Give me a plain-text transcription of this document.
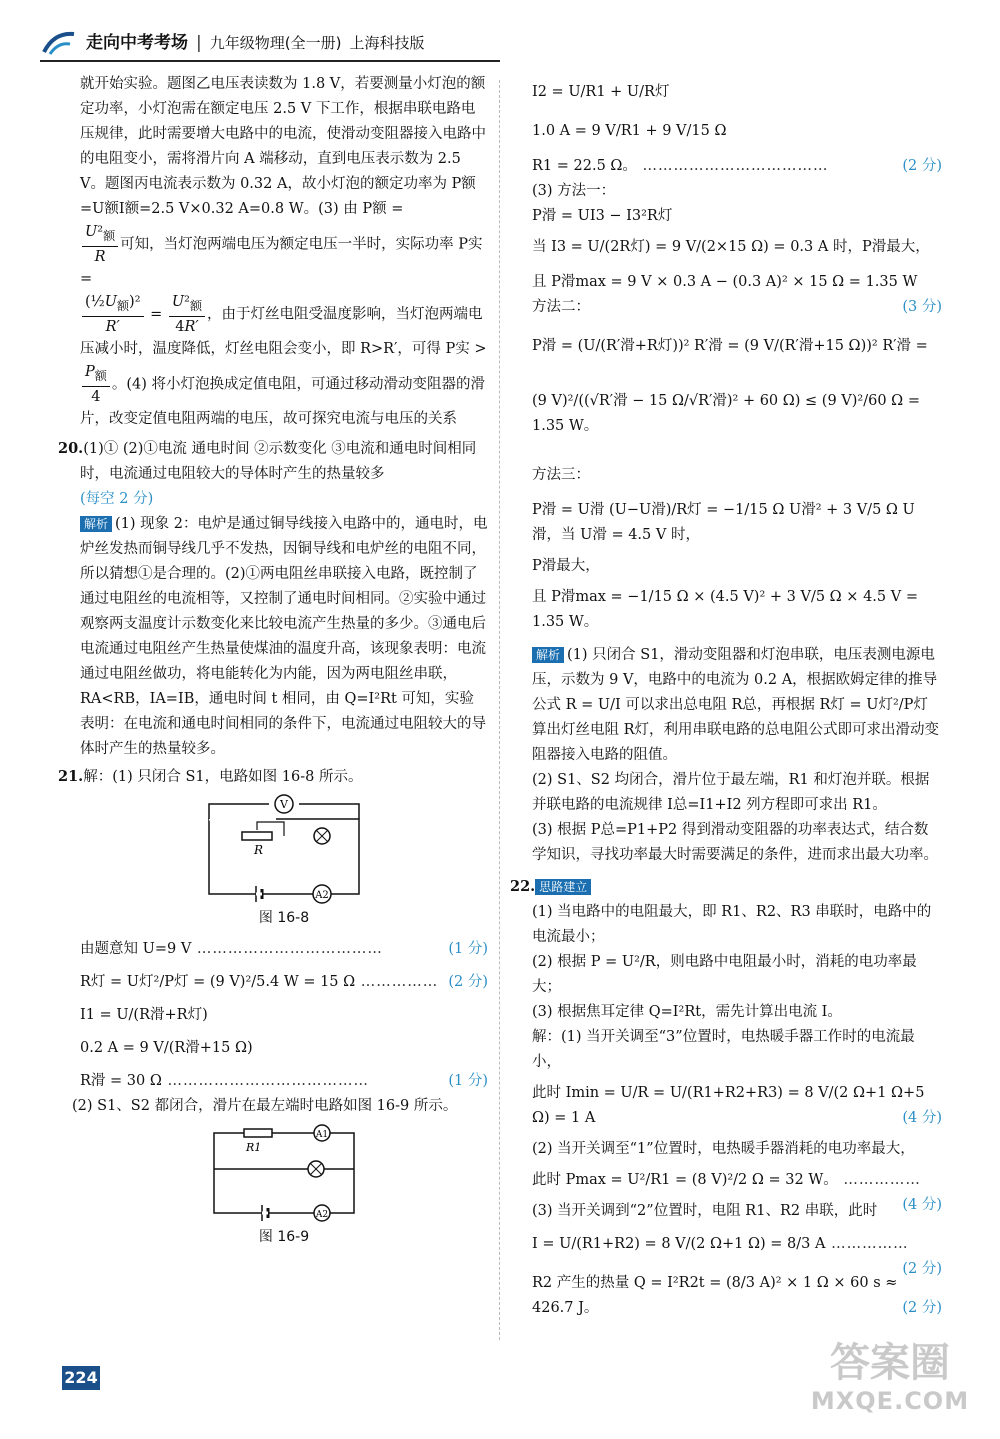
走向中考考场 | 九年级物理(全一册) 上海科技版

就开始实验。题图乙电压表读数为 1.8 V，若要测量小灯泡的额定功率，小灯泡需在额定电压 2.5 V 下工作，根据串联电路电压规律，此时需要增大电路中的电流，使滑动变阻器接入电路中的电阻变小，需将滑片向 A 端移动，直到电压表示数为 2.5 V。题图丙电流表示数为 0.32 A，故小灯泡的额定功率为 P额=U额I额=2.5 V×0.32 A=0.8 W。(3) 由 P额 =

$\frac{U^2_额}{R}$ 可知，当灯泡两端电压为额定电压一半时，实际功率 P实 =

$\frac{(\frac{1}{2}U_额)^2}{R'} = \frac{U^2_额}{4R'}$ ，由于灯丝电阻受温度影响，当灯泡两端电压减小时，温度降低，灯丝电阻会变小，即 R>R′，可得 P实 >

$\frac{P_额}{4}$ 。(4) 将小灯泡换成定值电阻，可通过移动滑动变阻器的滑片，改变定值电阻两端的电压，故可探究电流与电压的关系

20.(1)① (2)①电流 通电时间 ②示数变化 ③电流和通电时间相同时，电流通过电阻较大的导体时产生的热量较多

(每空 2 分)

解析 (1) 现象 2：电炉是通过铜导线接入电路中的，通电时，电炉丝发热而铜导线几乎不发热，因铜导线和电炉丝的电阻不同，所以猜想①是合理的。(2)①两电阻丝串联接入电路，既控制了通过电阻丝的电流相等，又控制了通电时间相同。②实验中通过观察两支温度计示数变化来比较电流产生热量的多少。③通电后电流通过电阻丝产生热量使煤油的温度升高，该现象表明：电流通过电阻丝做功，将电能转化为内能，因为两电阻丝串联，RA<RB，IA=IB，通电时间 t 相同，由 Q=I²Rt 可知，实验表明：在电流和通电时间相同的条件下，电流通过电阻较大的导体时产生的热量较多。

21.解：(1) 只闭合 S1，电路如图 16-8 所示。

V
R
A2

图 16-8

由题意知 U=9 V ………………………………	(1 分)

R灯 = U灯²/P灯 = (9 V)²/5.4 W = 15 Ω …………… (2 分)

I1 = U/(R滑+R灯)

0.2 A = 9 V/(R滑+15 Ω)

R滑 = 30 Ω …………………………………	(1 分)

(2) S1、S2 都闭合，滑片在最左端时电路如图 16-9 所示。

R1
A1
A2

图 16-9

I2 = U/R1 + U/R灯

1.0 A = 9 V/R1 + 9 V/15 Ω

R1 = 22.5 Ω。 ………………………………	(2 分)

(3) 方法一：

P滑 = UI3 − I3²R灯

当 I3 = U/(2R灯) = 9 V/(2×15 Ω) = 0.3 A 时，P滑最大，

且 P滑max = 9 V × 0.3 A − (0.3 A)² × 15 Ω = 1.35 W
(3 分)

方法二：

P滑 = (U/(R′滑+R灯))² R′滑 = (9 V/(R′滑+15 Ω))² R′滑 =

(9 V)²/((√R′滑 − 15 Ω/√R′滑)² + 60 Ω) ≤ (9 V)²/60 Ω = 1.35 W。

方法三：

P滑 = U滑 (U−U滑)/R灯 = −1/15 Ω U滑² + 3 V/5 Ω U滑，当 U滑 = 4.5 V 时，

P滑最大，

且 P滑max = −1/15 Ω × (4.5 V)² + 3 V/5 Ω × 4.5 V = 1.35 W。

解析 (1) 只闭合 S1，滑动变阻器和灯泡串联，电压表测电源电压，示数为 9 V，电路中的电流为 0.2 A，根据欧姆定律的推导公式 R = U/I 可以求出总电阻 R总，再根据 R灯 = U灯²/P灯 算出灯丝电阻 R灯，利用串联电路的总电阻公式即可求出滑动变阻器接入电路的阻值。

(2) S1、S2 均闭合，滑片位于最左端，R1 和灯泡并联。根据并联电路的电流规律 I总=I1+I2 列方程即可求出 R1。

(3) 根据 P总=P1+P2 得到滑动变阻器的功率表达式，结合数学知识，寻找功率最大时需要满足的条件，进而求出最大功率。

22. 思路建立

(1) 当电路中的电阻最大，即 R1、R2、R3 串联时，电路中的电流最小；

(2) 根据 P = U²/R，则电路中电阻最小时，消耗的电功率最大；

(3) 根据焦耳定律 Q=I²Rt，需先计算出电流 I。

解：(1) 当开关调至“3”位置时，电热暖手器工作时的电流最小，

此时 Imin = U/R = U/(R1+R2+R3) = 8 V/(2 Ω+1 Ω+5 Ω) = 1 A	(4 分)

(2) 当开关调至“1”位置时，电热暖手器消耗的电功率最大，

此时 Pmax = U²/R1 = (8 V)²/2 Ω = 32 W。 ……………
(4 分)

(3) 当开关调到“2”位置时，电阻 R1、R2 串联，此时

I = U/(R1+R2) = 8 V/(2 Ω+1 Ω) = 8/3 A ……………
(2 分)

R2 产生的热量 Q = I²R2t = (8/3 A)² × 1 Ω × 60 s ≈ 426.7 J。	(2 分)

224	答案圈
MXQE.COM
